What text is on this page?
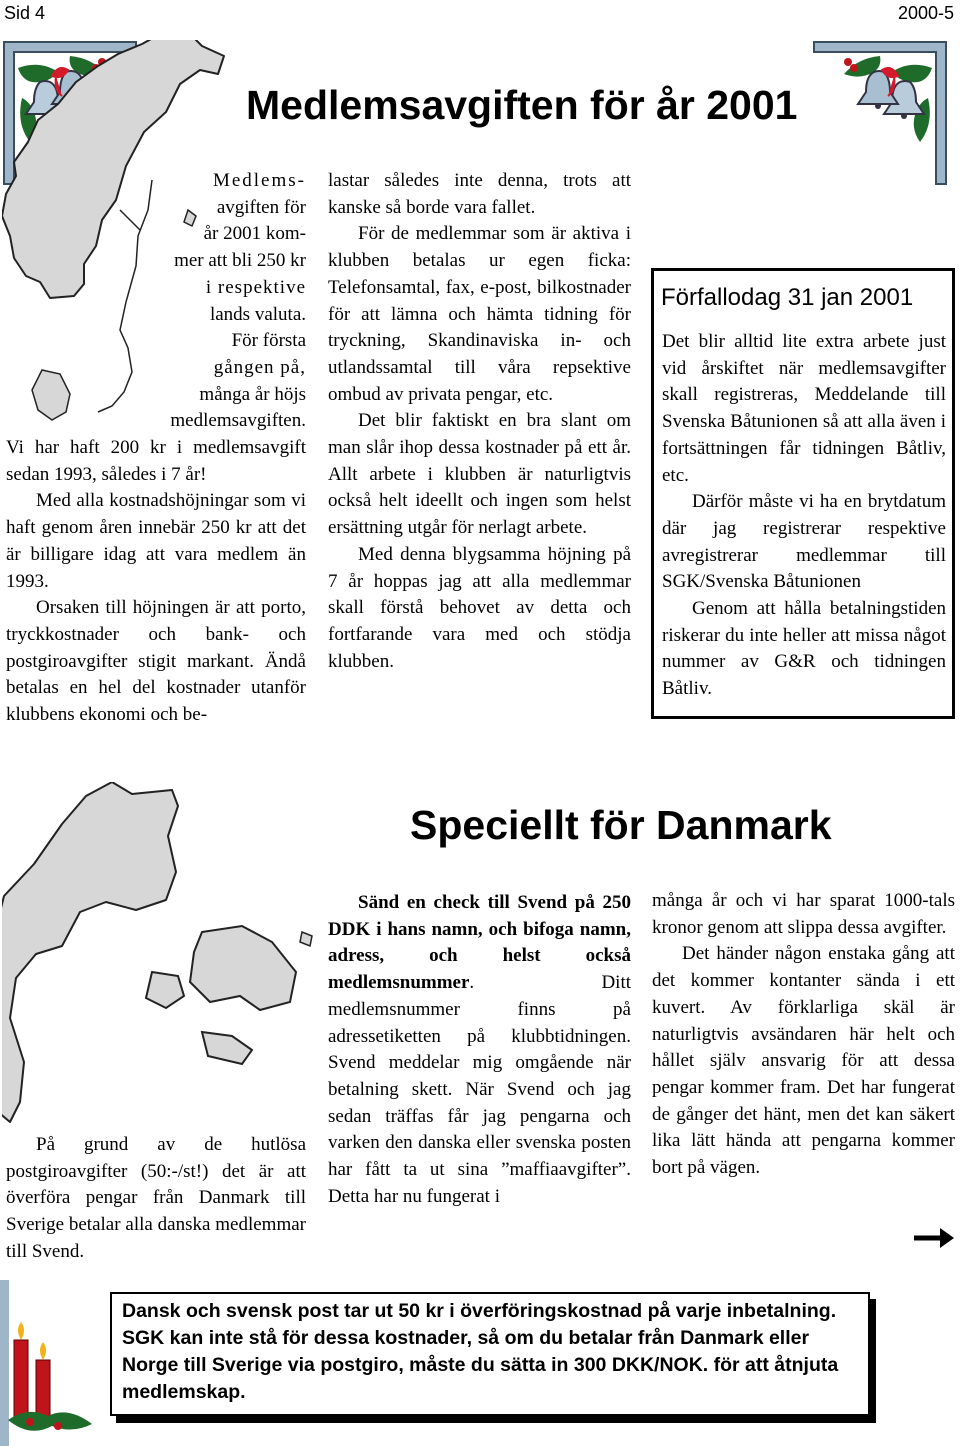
Sid 4	2000-5
Medlemsavgiften för år 2001
Medlems-
avgiften för
år 2001 kom-
mer att bli 250 kr
i respektive
lands valuta.
För första
gången på,
många år höjs
medlemsavgiften.

Vi har haft 200 kr i medlemsavgift sedan 1993, således i 7 år!

Med alla kostnadshöjningar som vi haft genom åren innebär 250 kr att det är billigare idag att vara medlem än 1993.

Orsaken till höjningen är att porto, tryckkostnader och bank- och postgiroavgifter stigit markant. Ändå betalas en hel del kostnader utanför klubbens ekonomi och be-

lastar således inte denna, trots att kanske så borde vara fallet.

För de medlemmar som är aktiva i klubben betalas ur egen ficka: Telefonsamtal, fax, e-post, bilkostnader för att lämna och hämta tidning för tryckning, Skandinaviska in- och utlandssamtal till våra repsektive ombud av privata pengar, etc.

Det blir faktiskt en bra slant om man slår ihop dessa kostnader på ett år. Allt arbete i klubben är naturligtvis också helt ideellt och ingen som helst ersättning utgår för nerlagt arbete.

Med denna blygsamma höjning på 7 år hoppas jag att alla medlemmar skall förstå behovet av detta och fortfarande vara med och stödja klubben.

Förfallodag 31 jan 2001

Det blir alltid lite extra arbete just vid årskiftet när medlemsavgifter skall registreras, Meddelande till Svenska Båtunionen så att alla även i fortsättningen får tidningen Båtliv, etc.

Därför måste vi ha en brytdatum där jag registrerar respektive avregistrerar medlemmar till SGK/Svenska Båtunionen

Genom att hålla betalningstiden riskerar du inte heller att missa något nummer av G&R och tidningen Båtliv.

Speciellt för Danmark

På grund av de hutlösa postgiroavgifter (50:-/st!) det är att överföra pengar från Danmark till Sverige betalar alla danska medlemmar till Svend.

Sänd en check till Svend på 250 DDK i hans namn, och bifoga namn, adress, och helst också medlemsnummer. Ditt medlemsnummer finns på adressetiketten på klubbtidningen. Svend meddelar mig omgående när betalning skett. När Svend och jag sedan träffas får jag pengarna och varken den danska eller svenska posten har fått ta ut sina ”maffiaavgifter”. Detta har nu fungerat i

många år och vi har sparat 1000-tals kronor genom att slippa dessa avgifter.

Det händer någon enstaka gång att det kommer kontanter sända i ett kuvert. Av förklarliga skäl är naturligtvis avsändaren här helt och hållet själv ansvarig för att dessa pengar kommer fram. Det har fungerat de gånger det hänt, men det kan säkert lika lätt hända att pengarna kommer bort på vägen.

Dansk och svensk post tar ut 50 kr i överföringskostnad på varje inbetalning. SGK kan inte stå för dessa kostnader, så om du betalar från Danmark eller Norge till Sverige via postgiro, måste du sätta in 300 DKK/NOK. för att åtnjuta medlemskap.
